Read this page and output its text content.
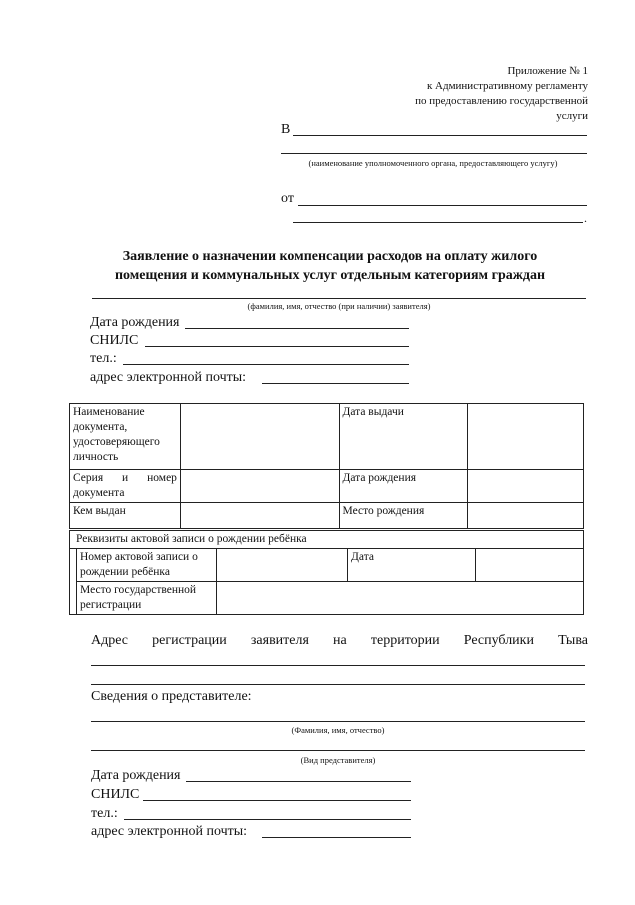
Приложение № 1
к Административному регламенту
по предоставлению государственной
услуги
В
(наименование уполномоченного органа, предоставляющего услугу)
от
.
Заявление о назначении компенсации расходов на оплату жилого
помещения и коммунальных услуг отдельным категориям граждан
(фамилия, имя, отчество (при наличии) заявителя)
Дата рождения
СНИЛС
тел.:
адрес электронной почты:
Наименование документа, удостоверяющего личность		Дата выдачи	
Серия и номер документа		Дата рождения	
Кем выдан		Место рождения	
Реквизиты актовой записи о рождении ребёнка				
	Номер актовой записи о рождении ребёнка		Дата	
	Место государственной регистрации			
Адрес регистрации заявителя на территории Республики Тыва
Сведения о представителе:
(Фамилия, имя, отчество)
(Вид представителя)
Дата рождения
СНИЛС
тел.:
адрес электронной почты:
